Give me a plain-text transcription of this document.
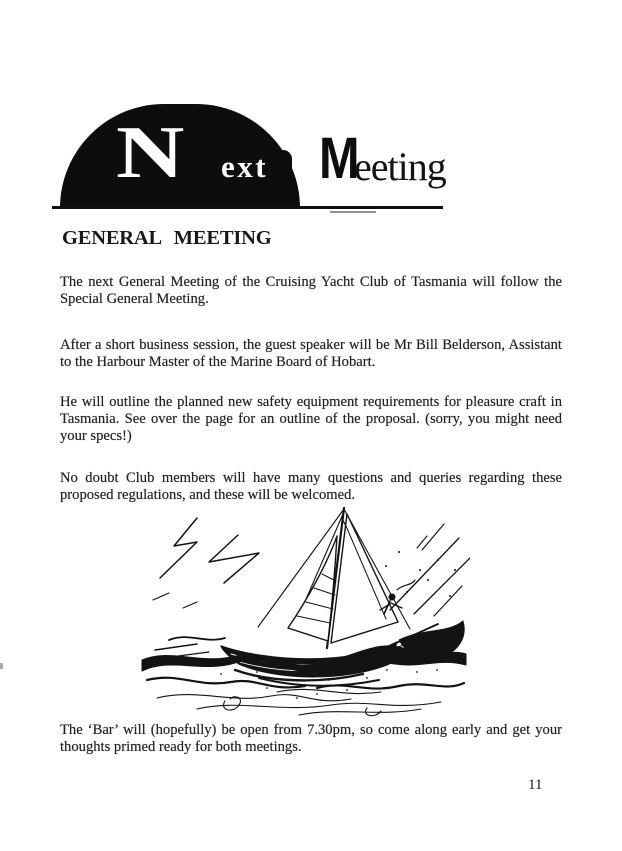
N ext M
eeting
GENERAL MEETING
The next General Meeting of the Cruising Yacht Club of Tasmania will follow the Special General Meeting.
After a short business session, the guest speaker will be Mr Bill Belderson, Assistant to the Harbour Master of the Marine Board of Hobart.
He will outline the planned new safety equipment requirements for pleasure craft in Tasmania. See over the page for an outline of the proposal. (sorry, you might need your specs!)
No doubt Club members will have many questions and queries regarding these proposed regulations, and these will be welcomed.
The ‘Bar’ will (hopefully) be open from 7.30pm, so come along early and get your thoughts primed ready for both meetings.
11
